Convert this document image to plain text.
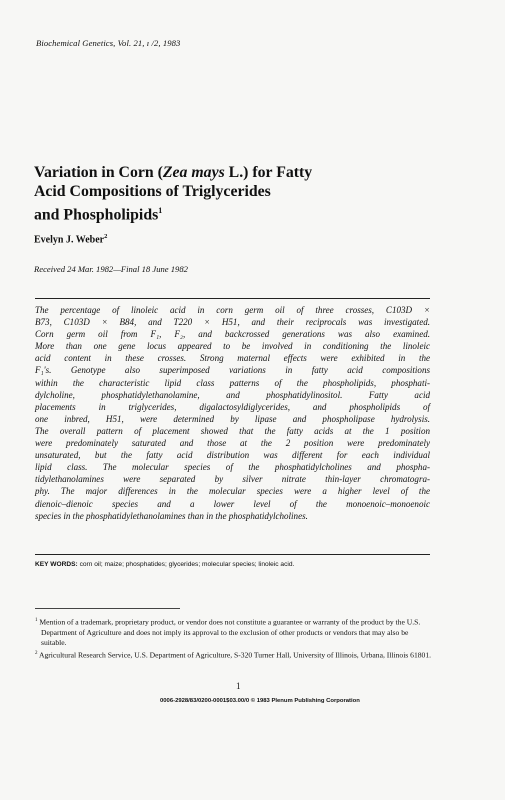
Biochemical Genetics, Vol. 21, ı /2, 1983
Variation in Corn (Zea mays L.) for Fatty
Acid Compositions of Triglycerides
and Phospholipids$^1$
Evelyn J. Weber$^2$
Received 24 Mar. 1982—Final 18 June 1982
The percentage of linoleic acid in corn germ oil of three crosses, C103D ×
B73, C103D × B84, and T220 × H51, and their reciprocals was investigated.
Corn germ oil from F₁, F₂, and backcrossed generations was also examined.
More than one gene locus appeared to be involved in conditioning the linoleic
acid content in these crosses. Strong maternal effects were exhibited in the
F₁'s. Genotype also superimposed variations in fatty acid compositions
within the characteristic lipid class patterns of the phospholipids, phosphati-
dylcholine, phosphatidylethanolamine, and phosphatidylinositol. Fatty acid
placements in triglycerides, digalactosyldiglycerides, and phospholipids of
one inbred, H51, were determined by lipase and phospholipase hydrolysis.
The overall pattern of placement showed that the fatty acids at the 1 position
were predominately saturated and those at the 2 position were predominately
unsaturated, but the fatty acid distribution was different for each individual
lipid class. The molecular species of the phosphatidylcholines and phospha-
tidylethanolamines were separated by silver nitrate thin-layer chromatogra-
phy. The major differences in the molecular species were a higher level of the
dienoic–dienoic species and a lower level of the monoenoic–monoenoic
species in the phosphatidylethanolamines than in the phosphatidylcholines.
KEY WORDS: corn oil; maize; phosphatides; glycerides; molecular species; linoleic acid.
$^1$ Mention of a trademark, proprietary product, or vendor does not constitute a guarantee or warranty of the product by the U.S. Department of Agriculture and does not imply its approval to the exclusion of other products or vendors that may also be suitable.
$^2$ Agricultural Research Service, U.S. Department of Agriculture, S-320 Turner Hall, University of Illinois, Urbana, Illinois 61801.
1
0006-2928/83/0200-0001$03.00/0 © 1983 Plenum Publishing Corporation
